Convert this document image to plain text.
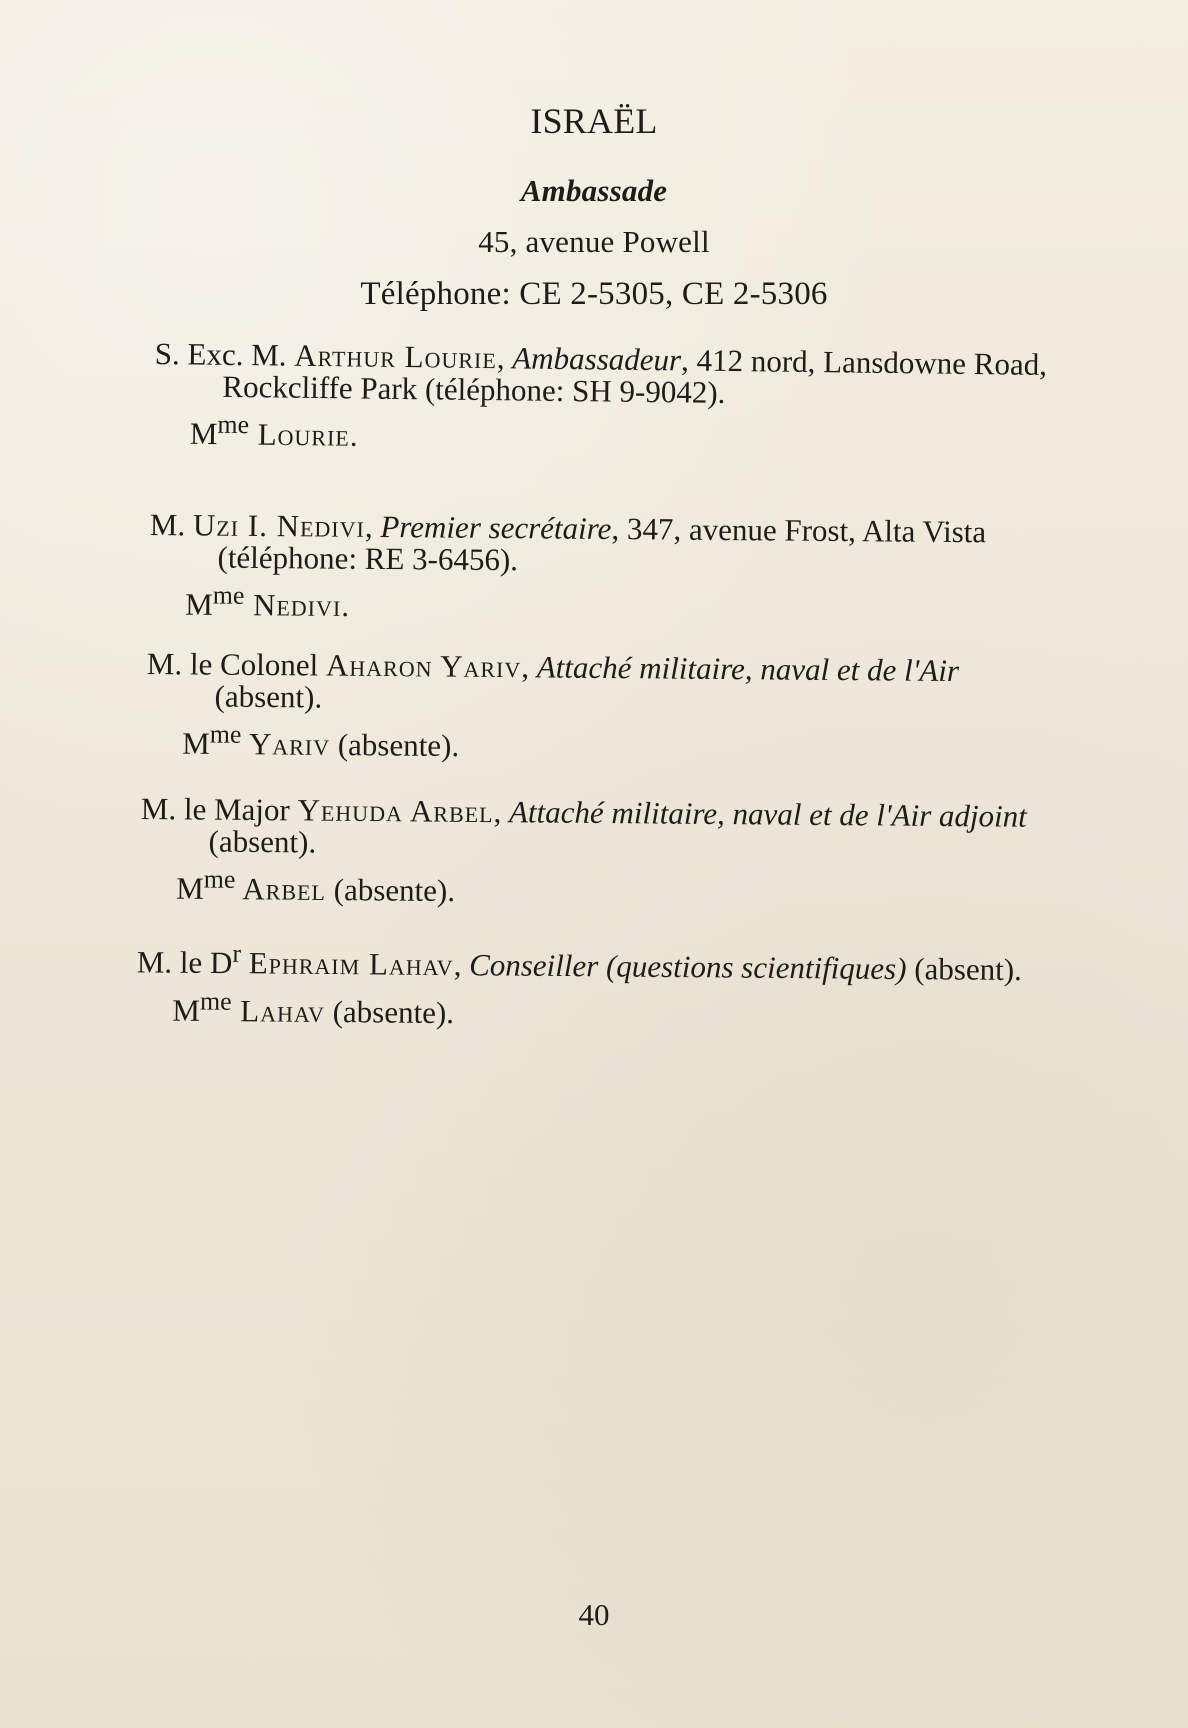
ISRAËL
Ambassade
45, avenue Powell
Téléphone: CE 2-5305, CE 2-5306
S. Exc. M. Arthur Lourie, Ambassadeur, 412 nord, Lansdowne Road, Rockcliffe Park (téléphone: SH 9-9042).
$M^{me}$ Lourie.
M. Uzi I. Nedivi, Premier secrétaire, 347, avenue Frost, Alta Vista (téléphone: RE 3-6456).
$M^{me}$ Nedivi.
M. le Colonel Aharon Yariv, Attaché militaire, naval et de l'Air (absent).
$M^{me}$ Yariv (absente).
M. le Major Yehuda Arbel, Attaché militaire, naval et de l'Air adjoint (absent).
$M^{me}$ Arbel (absente).
M. le $D^r$ Ephraim Lahav, Conseiller (questions scientifiques) (absent).
$M^{me}$ Lahav (absente).
40
